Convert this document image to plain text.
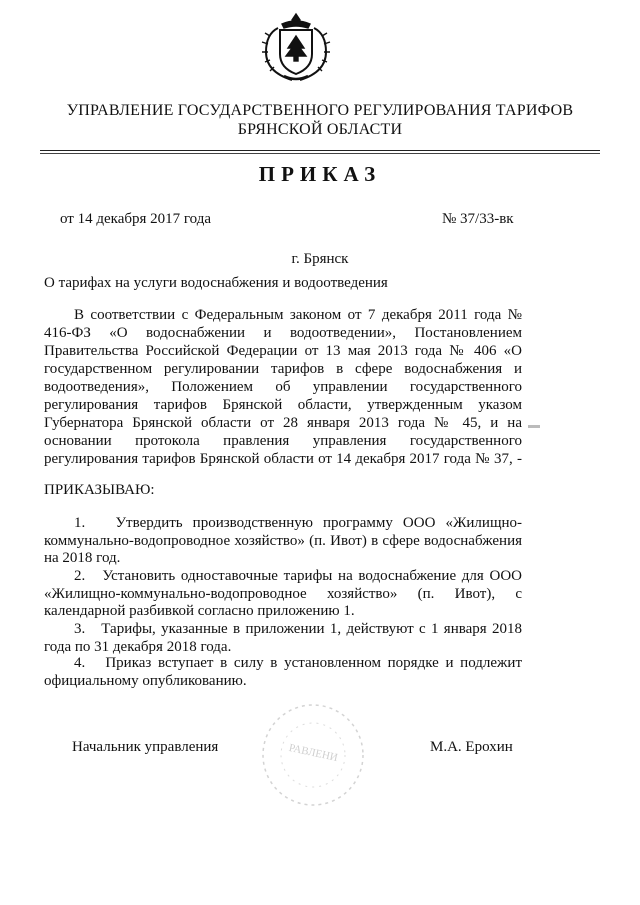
УПРАВЛЕНИЕ ГОСУДАРСТВЕННОГО РЕГУЛИРОВАНИЯ ТАРИФОВ
БРЯНСКОЙ ОБЛАСТИ
ПРИКАЗ
от 14 декабря 2017 года	№ 37/33-вк
г. Брянск
О тарифах на услуги водоснабжения и водоотведения
В соответствии с Федеральным законом от 7 декабря 2011 года №
416-ФЗ «О водоснабжении и водоотведении», Постановлением
Правительства Российской Федерации от 13 мая 2013 года № 406 «О
государственном регулировании тарифов в сфере водоснабжения и
водоотведения», Положением об управлении государственного
регулирования тарифов Брянской области, утвержденным указом
Губернатора Брянской области от 28 января 2013 года № 45, и на
основании протокола правления управления государственного
регулирования тарифов Брянской области от 14 декабря 2017 года № 37, -
ПРИКАЗЫВАЮ:
1. Утвердить производственную программу ООО «Жилищно- коммунально-водопроводное хозяйство» (п. Ивот) в сфере водоснабжения на 2018 год.
2. Установить одноставочные тарифы на водоснабжение для ООО «Жилищно-коммунально-водопроводное хозяйство» (п. Ивот), с календарной разбивкой согласно приложению 1.
3. Тарифы, указанные в приложении 1, действуют с 1 января 2018 года по 31 декабря 2018 года.
4. Приказ вступает в силу в установленном порядке и подлежит официальному опубликованию.
РАВЛЕНИ
Начальник управления	М.А. Ерохин
